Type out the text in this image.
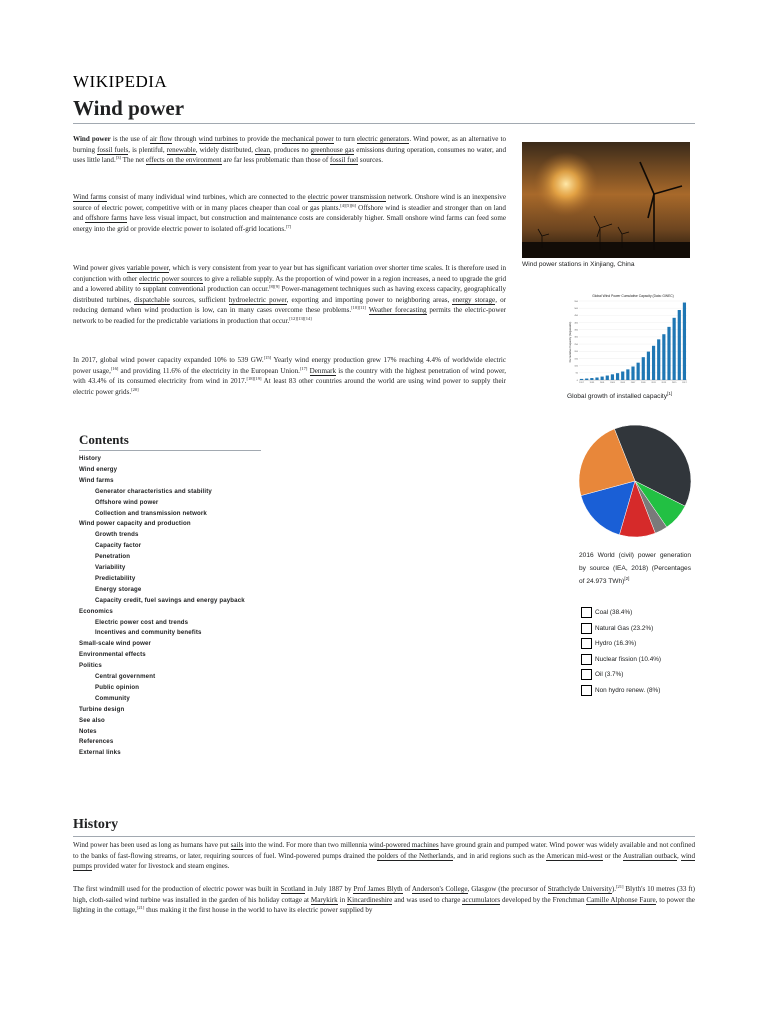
WIKIPEDIA
Wind power

Wind power is the use of air flow through wind turbines to provide the mechanical power to turn electric generators. Wind power, as an alternative to burning fossil fuels, is plentiful, renewable, widely distributed, clean, produces no greenhouse gas emissions during operation, consumes no water, and uses little land.[3] The net effects on the environment are far less problematic than those of fossil fuel sources.

Wind farms consist of many individual wind turbines, which are connected to the electric power transmission network. Onshore wind is an inexpensive source of electric power, competitive with or in many places cheaper than coal or gas plants.[4][5][6] Offshore wind is steadier and stronger than on land and offshore farms have less visual impact, but construction and maintenance costs are considerably higher. Small onshore wind farms can feed some energy into the grid or provide electric power to isolated off-grid locations.[7]

Wind power gives variable power, which is very consistent from year to year but has significant variation over shorter time scales. It is therefore used in conjunction with other electric power sources to give a reliable supply. As the proportion of wind power in a region increases, a need to upgrade the grid and a lowered ability to supplant conventional production can occur.[8][9] Power-management techniques such as having excess capacity, geographically distributed turbines, dispatchable sources, sufficient hydroelectric power, exporting and importing power to neighboring areas, energy storage, or reducing demand when wind production is low, can in many cases overcome these problems.[10][11] Weather forecasting permits the electric-power network to be readied for the predictable variations in production that occur.[12][13][14]

In 2017, global wind power capacity expanded 10% to 539 GW.[15] Yearly wind energy production grew 17% reaching 4.4% of worldwide electric power usage,[16] and providing 11.6% of the electricity in the European Union.[17] Denmark is the country with the highest penetration of wind power, with 43.4% of its consumed electricity from wind in 2017.[18][19] At least 83 other countries around the world are using wind power to supply their electric power grids.[20]

Wind power stations in Xinjiang, China
Global Wind Power Cumulative Capacity (Data: GWEC)
Cumulative Capacity (Gigawatts)
0
50
100
150
200
250
300
350
400
450
500
550
1997	1999	2001	2003	2005	2007	2009	2011	2013	2015	2017
Global growth of installed capacity[1]
Contents
History
Wind energy
Wind farms
Generator characteristics and stability
Offshore wind power
Collection and transmission network
Wind power capacity and production
Growth trends
Capacity factor
Penetration
Variability
Predictability
Energy storage
Capacity credit, fuel savings and energy payback
Economics
Electric power cost and trends
Incentives and community benefits
Small-scale wind power
Environmental effects
Politics
Central government
Public opinion
Community
Turbine design
See also
Notes
References
External links
2016 World (civil) power generation by source (IEA, 2018) (Percentages of 24.973 TWh)[2]
Coal (38.4%)
Natural Gas (23.2%)
Hydro (16.3%)
Nuclear fission (10.4%)
Oil (3.7%)
Non hydro renew. (8%)
History

Wind power has been used as long as humans have put sails into the wind. For more than two millennia wind-powered machines have ground grain and pumped water. Wind power was widely available and not confined to the banks of fast-flowing streams, or later, requiring sources of fuel. Wind-powered pumps drained the polders of the Netherlands, and in arid regions such as the American mid-west or the Australian outback, wind pumps provided water for livestock and steam engines.

The first windmill used for the production of electric power was built in Scotland in July 1887 by Prof James Blyth of Anderson's College, Glasgow (the precursor of Strathclyde University).[21] Blyth's 10 metres (33 ft) high, cloth-sailed wind turbine was installed in the garden of his holiday cottage at Marykirk in Kincardineshire and was used to charge accumulators developed by the Frenchman Camille Alphonse Faure, to power the lighting in the cottage,[21] thus making it the first house in the world to have its electric power supplied by
